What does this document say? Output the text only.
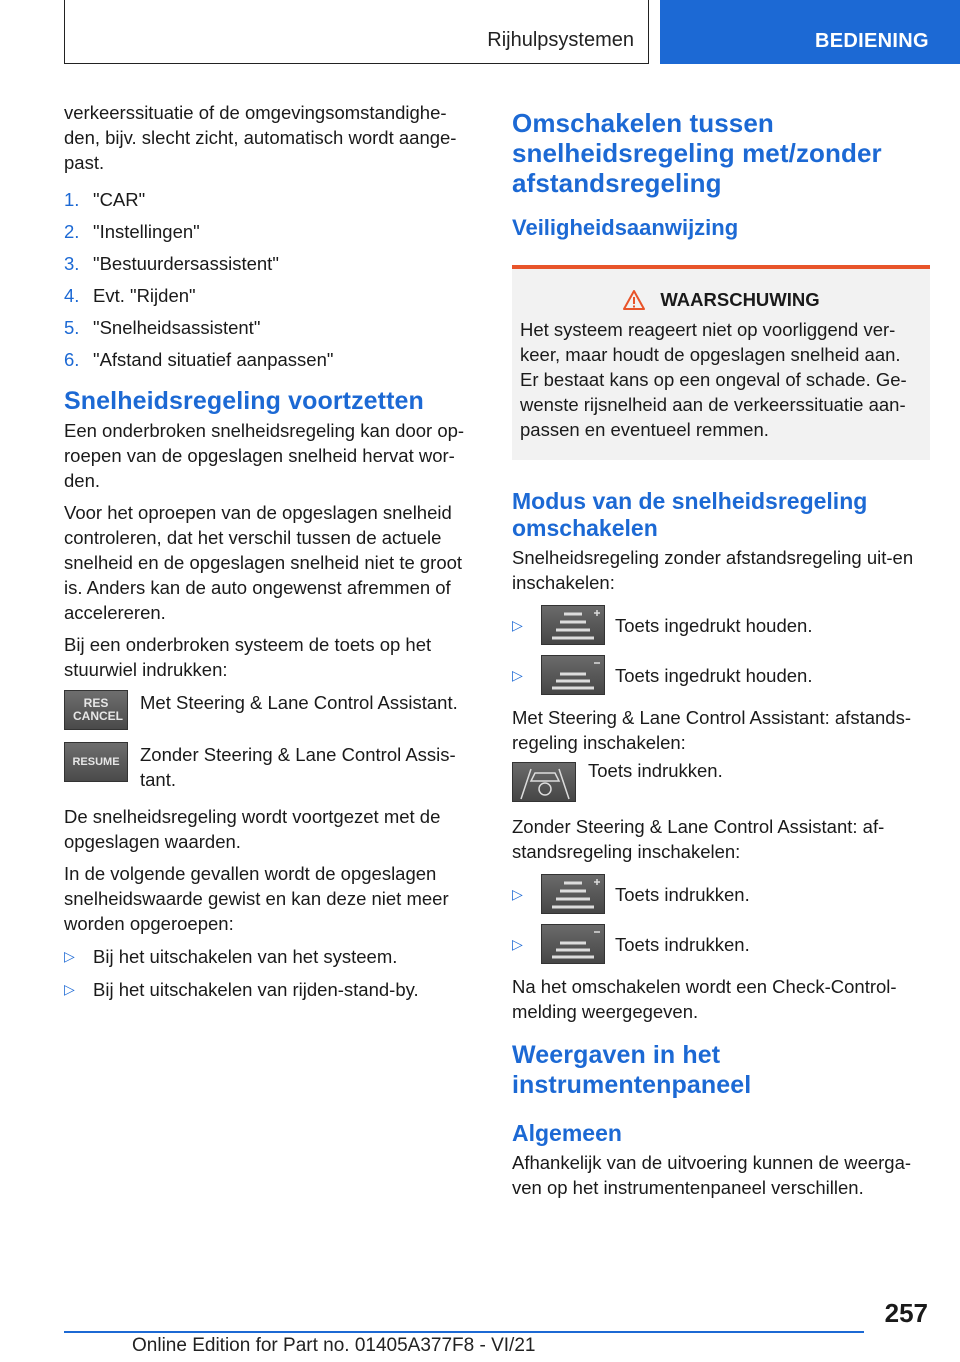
Rijhulpsystemen	BEDIENING

verkeerssituatie of de omgevingsomstandighe-den, bijv. slecht zicht, automatisch wordt aange-past.

1. "CAR"
2. "Instellingen"
3. "Bestuurdersassistent"
4. Evt. "Rijden"
5. "Snelheidsassistent"
6. "Afstand situatief aanpassen"
Snelheidsregeling voortzetten

Een onderbroken snelheidsregeling kan door op-roepen van de opgeslagen snelheid hervat wor-den.

Voor het oproepen van de opgeslagen snelheid controleren, dat het verschil tussen de actuele snelheid en de opgeslagen snelheid niet te groot is. Anders kan de auto ongewenst afremmen of accelereren.

Bij een onderbroken systeem de toets op het stuurwiel indrukken:

RES CANCEL
Met Steering & Lane Control Assistant.
RESUME Zonder Steering & Lane Control Assis-tant.

De snelheidsregeling wordt voortgezet met de opgeslagen waarden.

In de volgende gevallen wordt de opgeslagen snelheidswaarde gewist en kan deze niet meer worden opgeroepen:

▷ Bij het uitschakelen van het systeem.
▷ Bij het uitschakelen van rijden-stand-by.
Omschakelen tussen snelheidsregeling met/zonder afstandsregeling
Veiligheidsaanwijzing
WAARSCHUWING

Het systeem reageert niet op voorliggend ver-keer, maar houdt de opgeslagen snelheid aan. Er bestaat kans op een ongeval of schade. Ge-wenste rijsnelheid aan de verkeerssituatie aan-passen en eventueel remmen.

Modus van de snelheidsregeling omschakelen

Snelheidsregeling zonder afstandsregeling uit-en inschakelen:

▷	Toets ingedrukt houden.
▷	Toets ingedrukt houden.

Met Steering & Lane Control Assistant: afstands-regeling inschakelen:

Toets indrukken.

Zonder Steering & Lane Control Assistant: af-standsregeling inschakelen:

▷	Toets indrukken.
▷	Toets indrukken.

Na het omschakelen wordt een Check-Control-melding weergegeven.

Weergaven in het instrumentenpaneel
Algemeen

Afhankelijk van de uitvoering kunnen de weerga-ven op het instrumentenpaneel verschillen.

257
Online Edition for Part no. 01405A377F8 - VI/21
